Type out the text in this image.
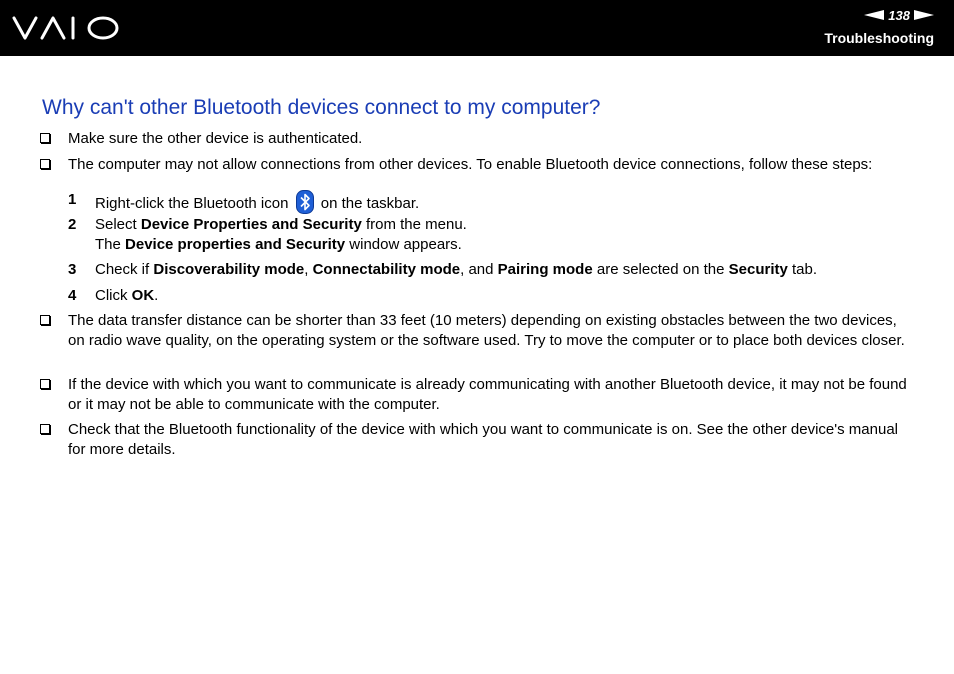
138
Troubleshooting
Why can't other Bluetooth devices connect to my computer?
Make sure the other device is authenticated.
The computer may not allow connections from other devices. To enable Bluetooth device connections, follow these steps:
1 Right-click the Bluetooth icon on the taskbar.
2 Select Device Properties and Security from the menu.
The Device properties and Security window appears.
3 Check if Discoverability mode, Connectability mode, and Pairing mode are selected on the Security tab.
4 Click OK.
The data transfer distance can be shorter than 33 feet (10 meters) depending on existing obstacles between the two devices, on radio wave quality, on the operating system or the software used. Try to move the computer or to place both devices closer.
If the device with which you want to communicate is already communicating with another Bluetooth device, it may not be found or it may not be able to communicate with the computer.
Check that the Bluetooth functionality of the device with which you want to communicate is on. See the other device's manual for more details.
